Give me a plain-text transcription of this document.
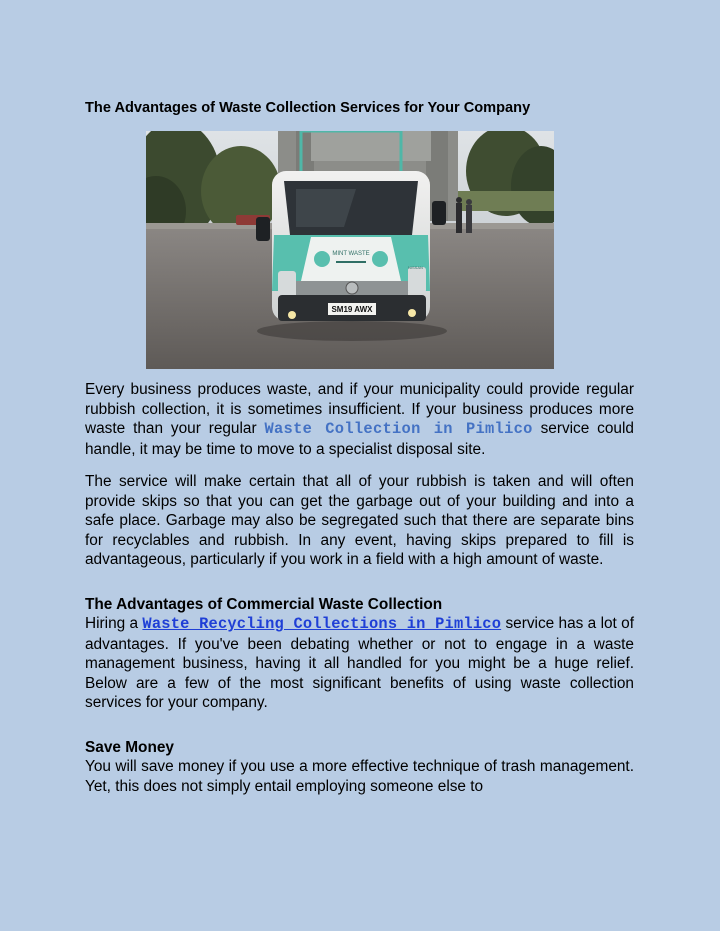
The Advantages of Waste Collection Services for Your Company
MINT WASTE
SM19 AWX
NISSAN

Every business produces waste, and if your municipality could provide regular rubbish collection, it is sometimes insufficient. If your business produces more waste than your regular Waste Collection in Pimlico service could handle, it may be time to move to a specialist disposal site.

The service will make certain that all of your rubbish is taken and will often provide skips so that you can get the garbage out of your building and into a safe place. Garbage may also be segregated such that there are separate bins for recyclables and rubbish. In any event, having skips prepared to fill is advantageous, particularly if you work in a field with a high amount of waste.

The Advantages of Commercial Waste Collection

Hiring a Waste Recycling Collections in Pimlico service has a lot of advantages. If you've been debating whether or not to engage in a waste management business, having it all handled for you might be a huge relief. Below are a few of the most significant benefits of using waste collection services for your company.

Save Money

You will save money if you use a more effective technique of trash management. Yet, this does not simply entail employing someone else to
